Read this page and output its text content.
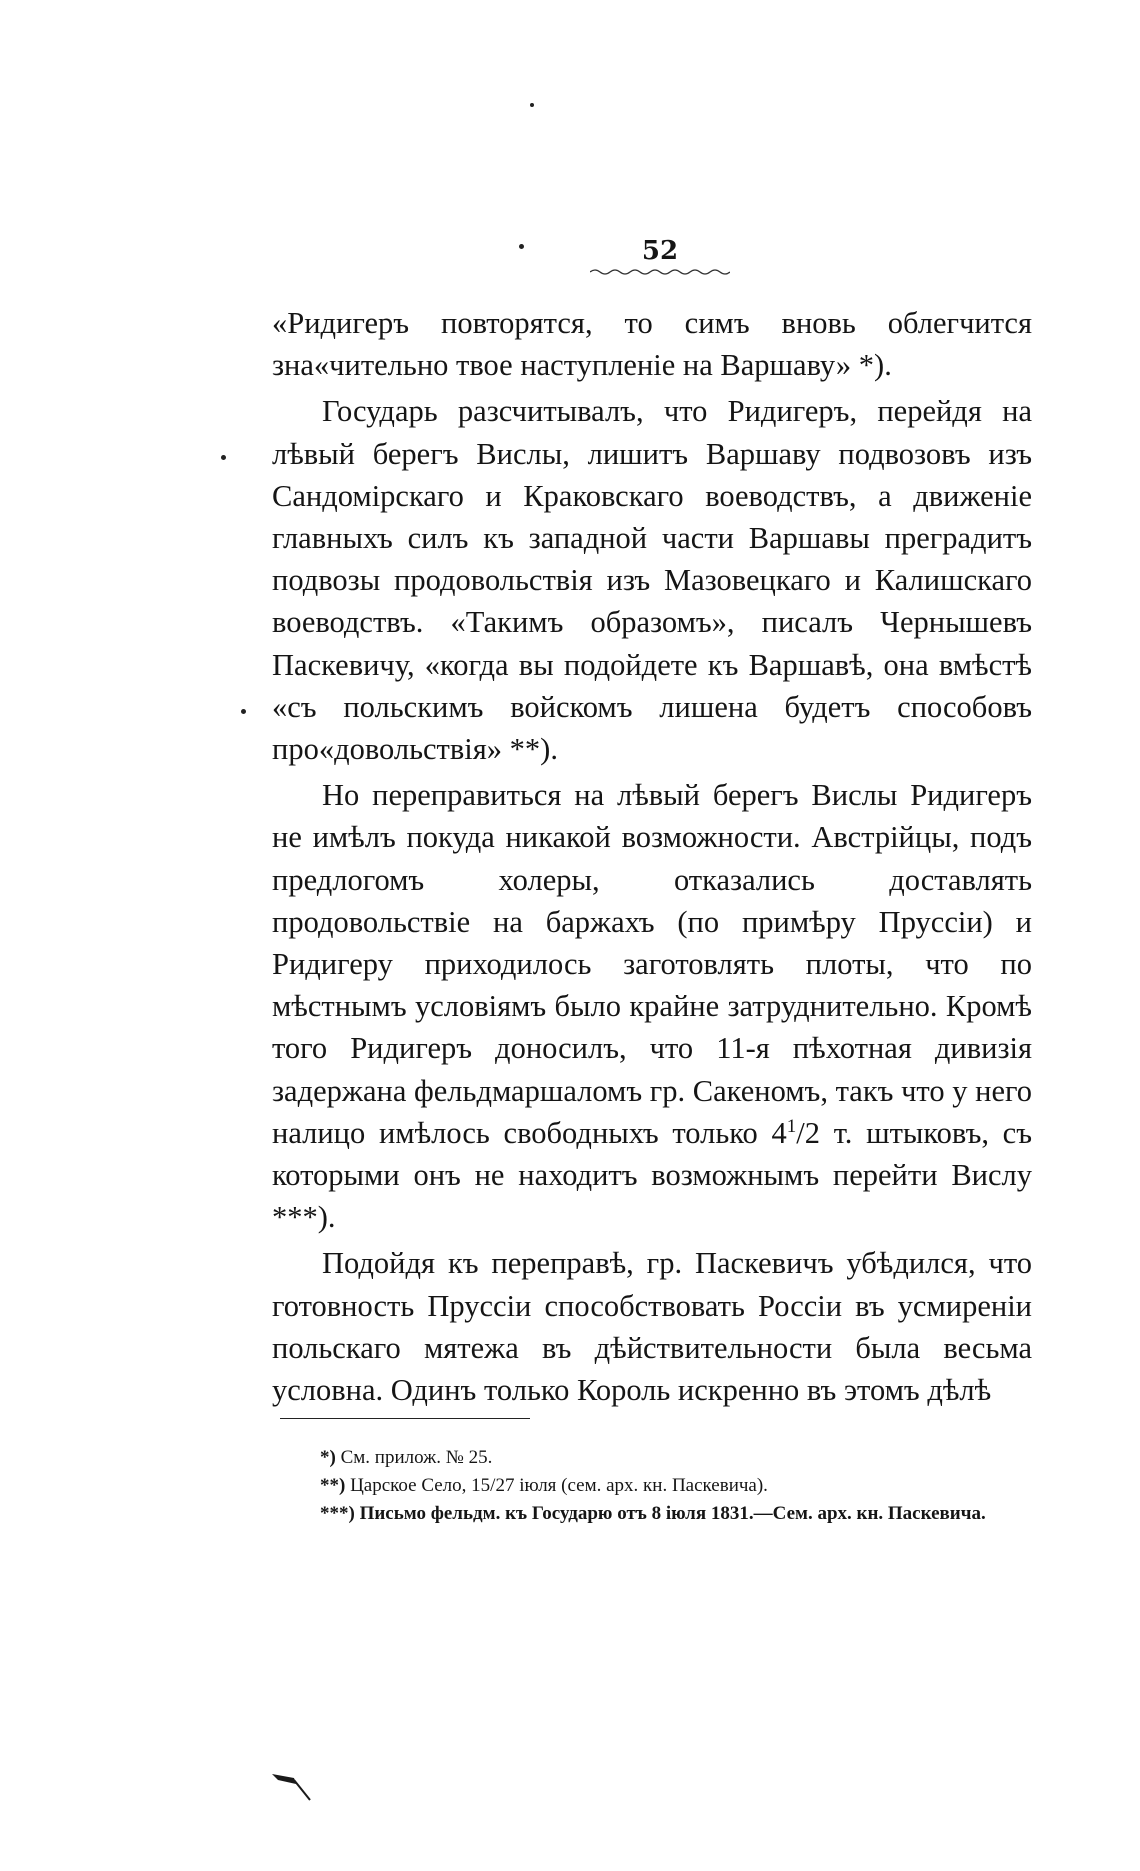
52

«Ридигеръ повторятся, то симъ вновь облегчится зна«чительно твое наступленіе на Варшаву» *).

Государь разсчитывалъ, что Ридигеръ, перейдя на лѣвый берегъ Вислы, лишитъ Варшаву подвозовъ изъ Сандомірскаго и Краковскаго воеводствъ, а движеніе главныхъ силъ къ западной части Варшавы преградитъ подвозы продовольствія изъ Мазовецкаго и Калишскаго воеводствъ. «Такимъ образомъ», писалъ Чернышевъ Паскевичу, «когда вы подойдете къ Варшавѣ, она вмѣстѣ «съ польскимъ войскомъ лишена будетъ способовъ про«довольствія» **).

Но переправиться на лѣвый берегъ Вислы Ридигеръ не имѣлъ покуда никакой возможности. Австрійцы, подъ предлогомъ холеры, отказались доставлять продовольствіе на баржахъ (по примѣру Пруссіи) и Ридигеру приходилось заготовлять плоты, что по мѣстнымъ условіямъ было крайне затруднительно. Кромѣ того Ридигеръ доносилъ, что 11-я пѣхотная дивизія задержана фельдмаршаломъ гр. Сакеномъ, такъ что у него налицо имѣлось свободныхъ только $4^1/2$ т. штыковъ, съ которыми онъ не находитъ возможнымъ перейти Вислу ***).

Подойдя къ переправѣ, гр. Паскевичъ убѣдился, что готовность Пруссіи способствовать Россіи въ усмиреніи польскаго мятежа въ дѣйствительности была весьма условна. Одинъ только Король искренно въ этомъ дѣлѣ

*) См. прилож. № 25.
**) Царское Село, 15/27 іюля (сем. арх. кн. Паскевича).
***) Письмо фельдм. къ Государю отъ 8 іюля 1831.—Сем. арх. кн. Паскевича.
